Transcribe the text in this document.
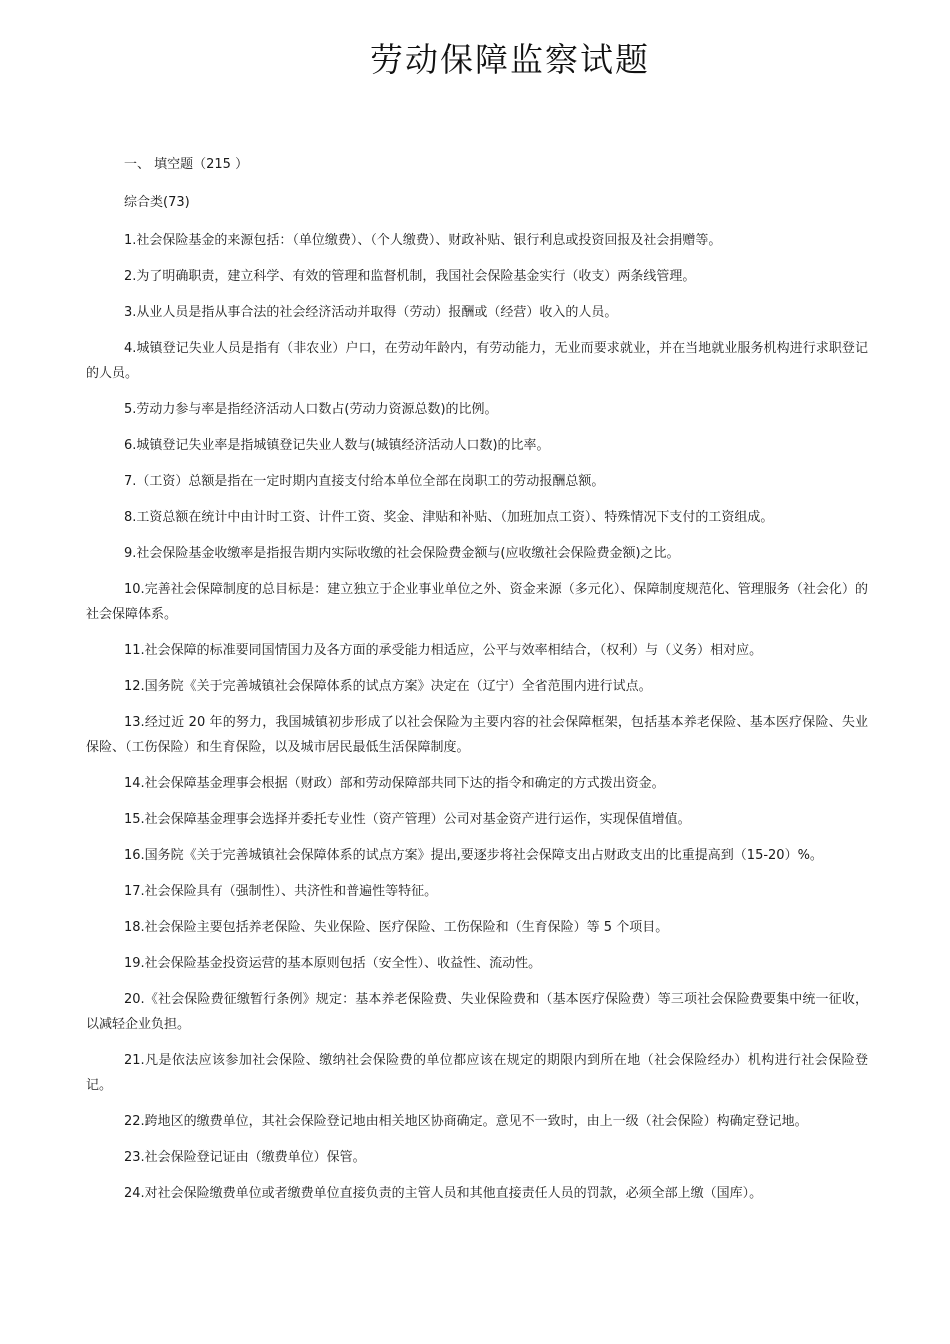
劳动保障监察试题
一、 填空题（215 ）
综合类(73)

1.社会保险基金的来源包括：（单位缴费）、（个人缴费）、财政补贴、银行利息或投资回报及社会捐赠等。

2.为了明确职责，建立科学、有效的管理和监督机制，我国社会保险基金实行（收支）两条线管理。

3.从业人员是指从事合法的社会经济活动并取得（劳动）报酬或（经营）收入的人员。

4.城镇登记失业人员是指有（非农业）户口，在劳动年龄内，有劳动能力，无业而要求就业，并在当地就业服务机构进行求职登记的人员。

5.劳动力参与率是指经济活动人口数占(劳动力资源总数)的比例。

6.城镇登记失业率是指城镇登记失业人数与(城镇经济活动人口数)的比率。

7.（工资）总额是指在一定时期内直接支付给本单位全部在岗职工的劳动报酬总额。

8.工资总额在统计中由计时工资、计件工资、奖金、津贴和补贴、（加班加点工资）、特殊情况下支付的工资组成。

9.社会保险基金收缴率是指报告期内实际收缴的社会保险费金额与(应收缴社会保险费金额)之比。

10.完善社会保障制度的总目标是：建立独立于企业事业单位之外、资金来源（多元化）、保障制度规范化、管理服务（社会化）的社会保障体系。

11.社会保障的标准要同国情国力及各方面的承受能力相适应，公平与效率相结合，（权利）与（义务）相对应。

12.国务院《关于完善城镇社会保障体系的试点方案》决定在（辽宁）全省范围内进行试点。

13.经过近 20 年的努力，我国城镇初步形成了以社会保险为主要内容的社会保障框架，包括基本养老保险、基本医疗保险、失业保险、（工伤保险）和生育保险，以及城市居民最低生活保障制度。

14.社会保障基金理事会根据（财政）部和劳动保障部共同下达的指令和确定的方式拨出资金。

15.社会保障基金理事会选择并委托专业性（资产管理）公司对基金资产进行运作，实现保值增值。

16.国务院《关于完善城镇社会保障体系的试点方案》提出,要逐步将社会保障支出占财政支出的比重提高到（15-20）%。

17.社会保险具有（强制性）、共济性和普遍性等特征。

18.社会保险主要包括养老保险、失业保险、医疗保险、工伤保险和（生育保险）等 5 个项目。

19.社会保险基金投资运营的基本原则包括（安全性）、收益性、流动性。

20.《社会保险费征缴暂行条例》规定：基本养老保险费、失业保险费和（基本医疗保险费）等三项社会保险费要集中统一征收，以减轻企业负担。

21.凡是依法应该参加社会保险、缴纳社会保险费的单位都应该在规定的期限内到所在地（社会保险经办）机构进行社会保险登记。

22.跨地区的缴费单位，其社会保险登记地由相关地区协商确定。意见不一致时，由上一级（社会保险）构确定登记地。

23.社会保险登记证由（缴费单位）保管。

24.对社会保险缴费单位或者缴费单位直接负责的主管人员和其他直接责任人员的罚款，必须全部上缴（国库）。
